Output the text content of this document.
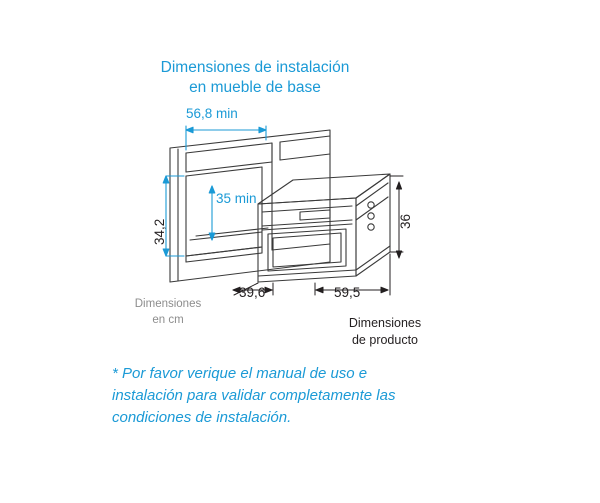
Dimensiones de instalación
en mueble de base
56,8 min
34,2
35 min
36
39,6	59,5
Dimensiones
en cm	Dimensiones
de producto
* Por favor verique el manual de uso e
instalación para validar completamente las
condiciones de instalación.
